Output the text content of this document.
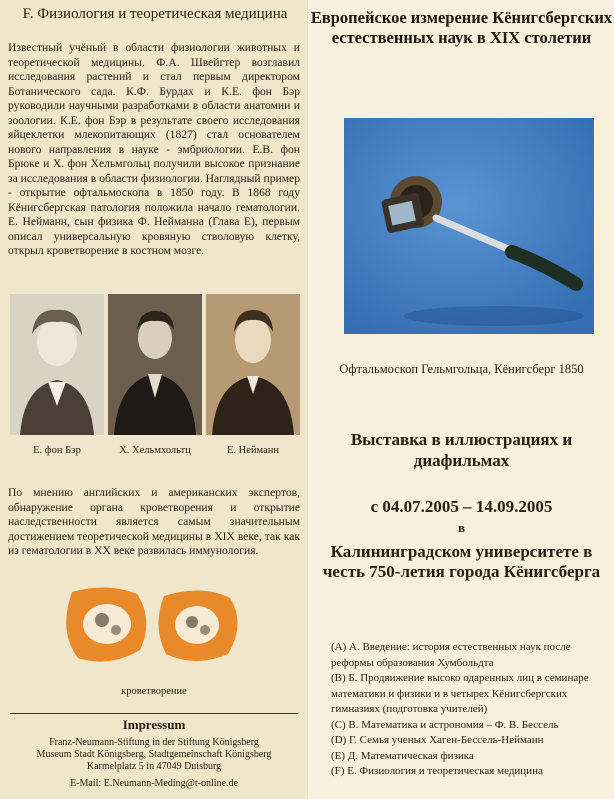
F. Физиология и теоретическая медицина
Известный учёный в области физиологии животных и теоретической медицины. Ф.А. Швейгтер возглавил исследования растений и стал первым директором Ботанического сада. К.Ф. Бурдах и К.Е. фон Бэр руководили научными разработками в области анатомии и зоологии. К.Е. фон Бэр в результате своего исследования яйцеклетки млекопитающих (1827) стал основателем нового направления в науке - эмбриологии. Е.В. фон Брюке и Х. фон Хельмгольц получили высокое признание за исследования в области физиологии. Наглядный пример - открытие офтальмоскопа в 1850 году. В 1868 году Кёнигсбергская патология положила начало гематологии. Е. Нейманн, сын физика Ф. Нейманна (Глава Е), первым описал универсальную кровяную стволовую клетку, открыл кроветворение в костном мозге.
Е. фон Бэр	Х. Хельмхольтц	Е. Нейманн
По мнению английских и американских экспертов, обнаружение органа кроветворения и открытие наследственности является самым значительным достижением теоретической медицины в XIX веке, так как из гематологии в ХХ веке развилась иммунология.
кроветворение
Impressum
Franz-Neumann-Stiftung in der Stiftung Königsberg
Museum Stadt Königsberg, Stadtgemeinschaft Königsberg
Karmelplatz 5 in 47049 Duisburg
E-Mail: E.Neumann-Meding@t-online.de
Европейское измерение Кёнигсбергских естественных наук в XIX столетии
Офтальмоскоп Гельмгольца, Кёнигсберг 1850
Выставка в иллюстрациях и диафильмах
с 04.07.2005 – 14.09.2005
в
Калининградском университете в честь 750-летия города Кёнигсберга
(A) А. Введение: история естественных наук после реформы образования Хумбольдта
(B) Б. Продвижение высоко одаренных лиц в семинаре математики и физики и в четырех Кёнигсбергских гимназиях (подготовка учителей)
(C) В. Математика и астрономия – Ф. В. Бессель
(D) Г. Семья ученых Хаген-Бессель-Нейманн
(E) Д. Математическая физика
(F) Е. Физиология и теоретическая медицина
